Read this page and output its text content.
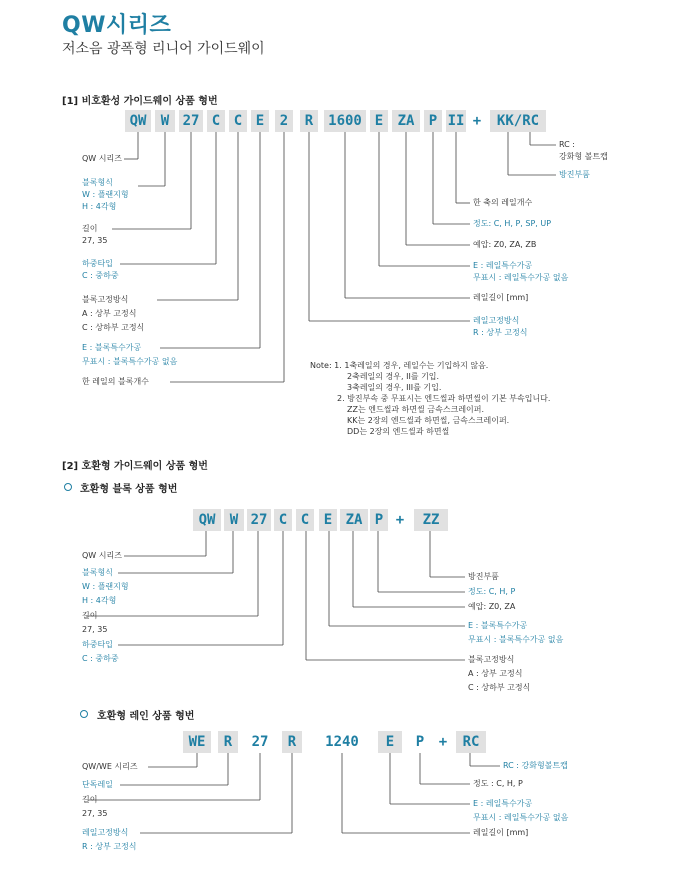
QW시리즈
저소음 광폭형 리니어 가이드웨이
[1] 비호환성 가이드웨이 상품 형번
QW	W 27 C C E	2	R	1600 E	ZA	P II +	KK/RC
RC :
강화형 볼트캡
방진부품
한 축의 레일개수
정도: C, H, P, SP, UP
예압: Z0, ZA, ZB
E : 레일특수가공
무표시 : 레일특수가공 없음
레일길이 [mm]
레일고정방식
R : 상부 고정식
QW 시리즈
블록형식
W : 플랜지형
H : 4각형
길이
27, 35
하중타입
C : 중하중
블록고정방식
A : 상부 고정식
C : 상하부 고정식
E : 블록특수가공
무표시 : 블록특수가공 없음
한 레일의 블록개수
Note: 1. 1축레일의 경우, 레일수는 기입하지 않음.
2축레일의 경우, II를 기입.
3축레일의 경우, III를 기입.
2. 방진부속 중 무표시는 엔드씰과 하면씰이 기본 부속입니다.
ZZ는 엔드씰과 하면씰 금속스크레이퍼.
KK는 2장의 엔드씰과 하면씰, 금속스크레이퍼.
DD는 2장의 엔드씰과 하면씰
[2] 호환형 가이드웨이 상품 형번
호환형 블록 상품 형번
QW	W 27 C C	E ZA P +	ZZ
방진부품
정도: C, H, P
예압: Z0, ZA
E : 블록특수가공
무표시 : 블록특수가공 없음
블록고정방식
A : 상부 고정식
C : 상하부 고정식
QW 시리즈
블록형식
W : 플랜지형
H : 4각형
길이
27, 35
하중타입
C : 중하중
호환형 레인 상품 형번
WE	R	27	R	1240	E	P	+	RC
RC : 강화형볼트캡
정도 : C, H, P
E : 레일특수가공
무표시 : 레일특수가공 없음
레일길이 [mm]
QW/WE 시리즈
단독레일
길이
27, 35
레일고정방식
R : 상부 고정식
